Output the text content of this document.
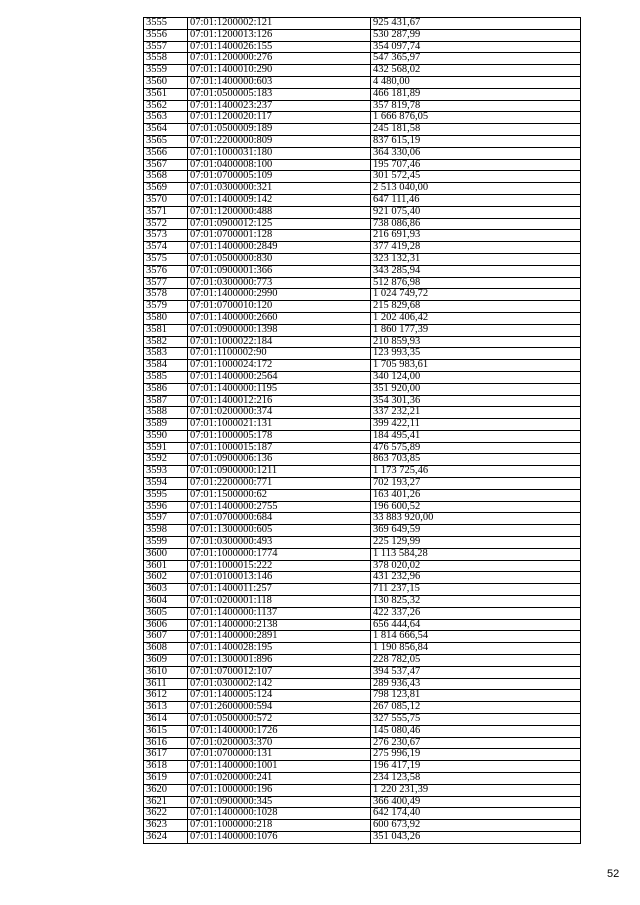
3555	07:01:1200002:121	925 431,67
3556	07:01:1200013:126	530 287,99
3557	07:01:1400026:155	354 097,74
3558	07:01:1200000:276	547 365,97
3559	07:01:1400010:290	432 568,02
3560	07:01:1400000:603	4 480,00
3561	07:01:0500005:183	466 181,89
3562	07:01:1400023:237	357 819,78
3563	07:01:1200020:117	1 666 876,05
3564	07:01:0500009:189	245 181,58
3565	07:01:2200000:809	837 615,19
3566	07:01:1000031:180	364 330,06
3567	07:01:0400008:100	195 707,46
3568	07:01:0700005:109	301 572,45
3569	07:01:0300000:321	2 513 040,00
3570	07:01:1400009:142	647 111,46
3571	07:01:1200000:488	921 075,40
3572	07:01:0900012:125	738 086,86
3573	07:01:0700001:128	216 691,93
3574	07:01:1400000:2849	377 419,28
3575	07:01:0500000:830	323 132,31
3576	07:01:0900001:366	343 285,94
3577	07:01:0300000:773	512 876,98
3578	07:01:1400000:2990	1 024 749,72
3579	07:01:0700010:120	215 829,68
3580	07:01:1400000:2660	1 202 406,42
3581	07:01:0900000:1398	1 860 177,39
3582	07:01:1000022:184	210 859,93
3583	07:01:1100002:90	123 993,35
3584	07:01:1000024:172	1 705 983,61
3585	07:01:1400000:2564	340 124,00
3586	07:01:1400000:1195	351 920,00
3587	07:01:1400012:216	354 301,36
3588	07:01:0200000:374	337 232,21
3589	07:01:1000021:131	399 422,11
3590	07:01:1000005:178	184 495,41
3591	07:01:1000015:187	476 575,89
3592	07:01:0900006:136	863 703,85
3593	07:01:0900000:1211	1 173 725,46
3594	07:01:2200000:771	702 193,27
3595	07:01:1500000:62	163 401,26
3596	07:01:1400000:2755	196 600,52
3597	07:01:0700000:684	33 883 920,00
3598	07:01:1300000:605	369 649,59
3599	07:01:0300000:493	225 129,99
3600	07:01:1000000:1774	1 113 584,28
3601	07:01:1000015:222	378 020,02
3602	07:01:0100013:146	431 232,96
3603	07:01:1400011:257	711 237,15
3604	07:01:0200001:118	130 825,32
3605	07:01:1400000:1137	422 337,26
3606	07:01:1400000:2138	656 444,64
3607	07:01:1400000:2891	1 814 666,54
3608	07:01:1400028:195	1 190 856,84
3609	07:01:1300001:896	228 782,05
3610	07:01:0700012:107	394 537,47
3611	07:01:0300002:142	289 936,43
3612	07:01:1400005:124	798 123,81
3613	07:01:2600000:594	267 085,12
3614	07:01:0500000:572	327 555,75
3615	07:01:1400000:1726	145 080,46
3616	07:01:0200003:370	276 230,67
3617	07:01:0700000:131	275 996,19
3618	07:01:1400000:1001	196 417,19
3619	07:01:0200000:241	234 123,58
3620	07:01:1000000:196	1 220 231,39
3621	07:01:0900000:345	366 400,49
3622	07:01:1400000:1028	642 174,40
3623	07:01:1000000:218	600 673,92
3624	07:01:1400000:1076	351 043,26
52
